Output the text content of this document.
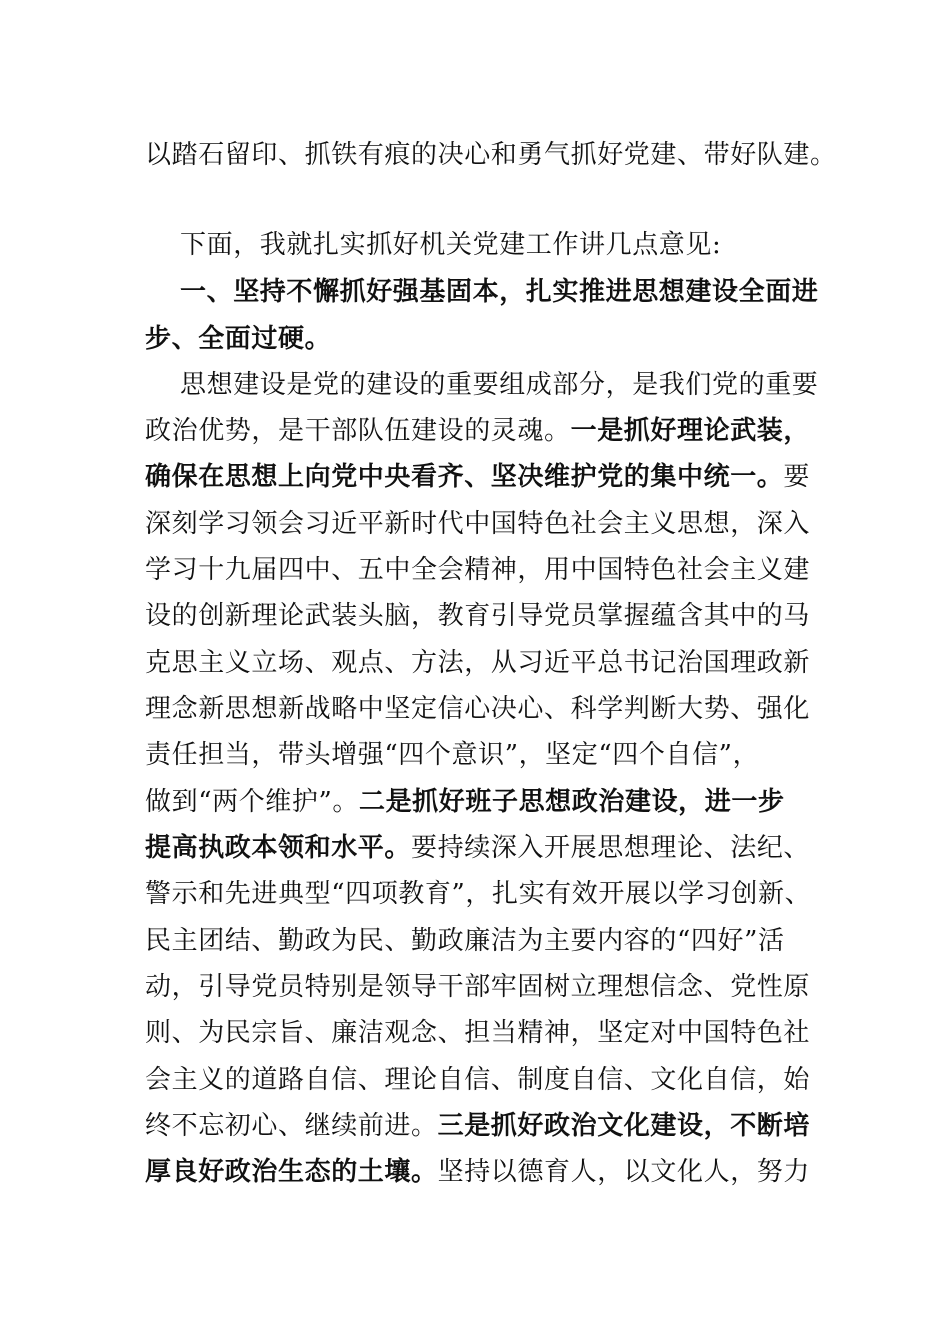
以踏石留印、抓铁有痕的决心和勇气抓好党建、带好队建。
下面，我就扎实抓好机关党建工作讲几点意见:
一、坚持不懈抓好强基固本，扎实推进思想建设全面进
步、全面过硬。
思想建设是党的建设的重要组成部分，是我们党的重要
政治优势，是干部队伍建设的灵魂。一是抓好理论武装，
确保在思想上向党中央看齐、坚决维护党的集中统一。要
深刻学习领会习近平新时代中国特色社会主义思想，深入
学习十九届四中、五中全会精神，用中国特色社会主义建
设的创新理论武装头脑，教育引导党员掌握蕴含其中的马
克思主义立场、观点、方法，从习近平总书记治国理政新
理念新思想新战略中坚定信心决心、科学判断大势、强化
责任担当，带头增强“四个意识”，坚定“四个自信”，
做到“两个维护”。二是抓好班子思想政治建设，进一步
提高执政本领和水平。要持续深入开展思想理论、法纪、
警示和先进典型“四项教育”，扎实有效开展以学习创新、
民主团结、勤政为民、勤政廉洁为主要内容的“四好”活
动，引导党员特别是领导干部牢固树立理想信念、党性原
则、为民宗旨、廉洁观念、担当精神，坚定对中国特色社
会主义的道路自信、理论自信、制度自信、文化自信，始
终不忘初心、继续前进。三是抓好政治文化建设，不断培
厚良好政治生态的土壤。坚持以德育人，以文化人，努力
